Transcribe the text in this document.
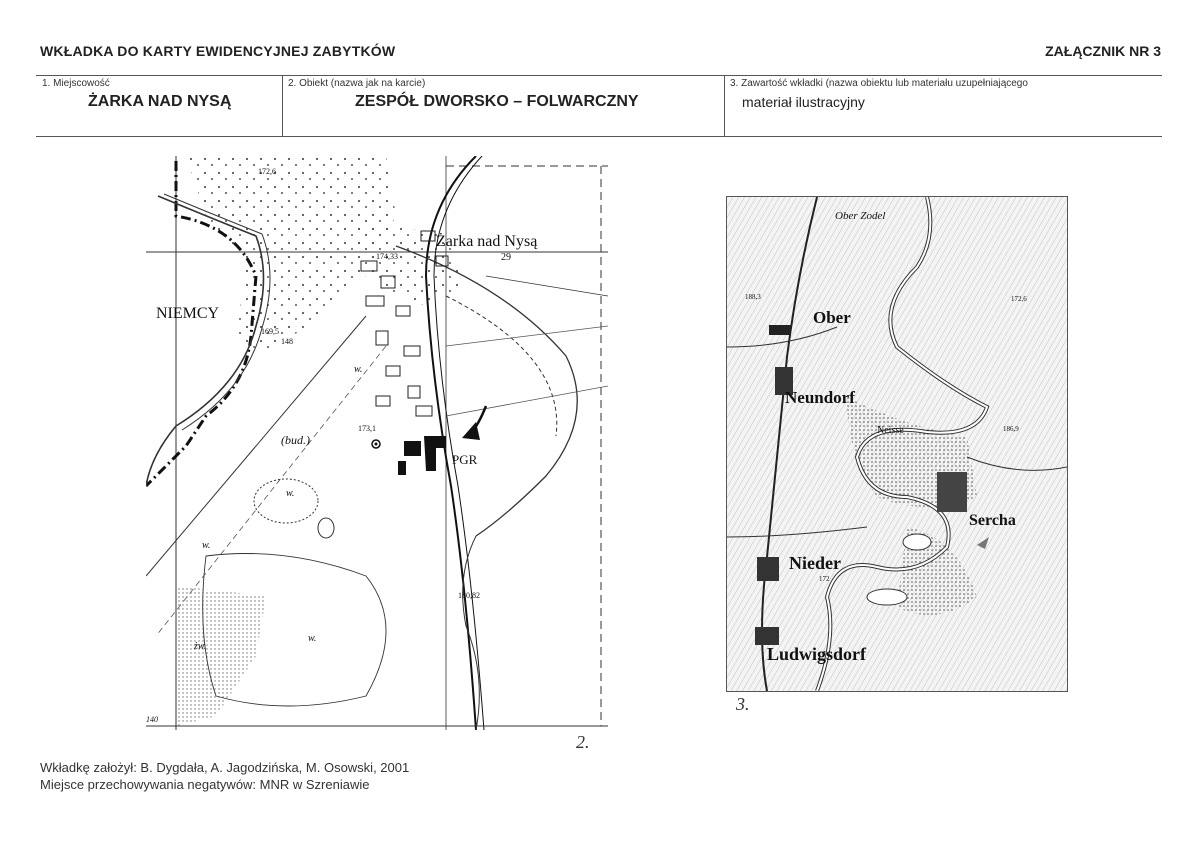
WKŁADKA DO KARTY EWIDENCYJNEJ ZABYTKÓW	ZAŁĄCZNIK NR 3
1. Miejscowość
ŻARKA NAD NYSĄ
2. Obiekt (nazwa jak na karcie)
ZESPÓŁ DWORSKO – FOLWARCZNY
3. Zawartość wkładki (nazwa obiektu lub materiału uzupełniającego
materiał ilustracyjny
Żarka nad Nysą
29
NIEMCY
PGR
(bud.)
w.
w.
w.
w.
żw.
172,6
174,33
169,5
148
173,1
180,82
140
2.
Ober Zodel
Ober
Neundorf
Neisse
Sercha
Nieder
Ludwigsdorf
172,6
186,9
188,3
172
3.
Wkładkę założył: B. Dygdała, A. Jagodzińska, M. Osowski, 2001
Miejsce przechowywania negatywów: MNR w Szreniawie
